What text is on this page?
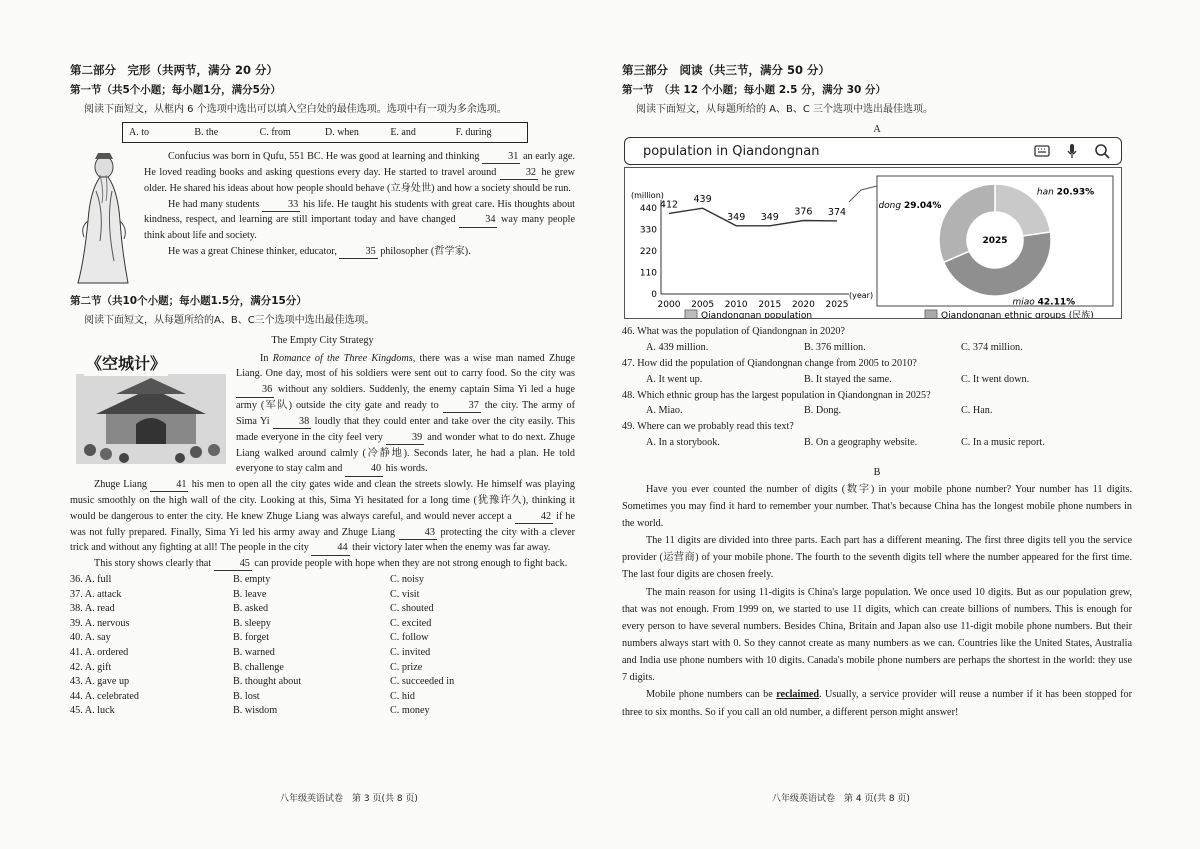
第二部分　完形（共两节，满分 20 分）
第一节（共5个小题；每小题1分，满分5分）
阅读下面短文，从框内 6 个选项中选出可以填入空白处的最佳选项。选项中有一项为多余选项。
A. to	B. the	C. from	D. when	E. and	F. during

Confucius was born in Qufu, 551 BC. He was good at learning and thinking	31 an early age. He loved reading books and asking questions every day. He started to travel around	32 he grew older. He shared his ideas about how people should behave (立身处世) and how a society should be run.

He had many students	33 his life. He taught his students with great care. His thoughts about kindness, respect, and learning are still important today and have changed	34 way many people think about life and society.

He was a great Chinese thinker, educator,	35 philosopher (哲学家).

第二节（共10个小题；每小题1.5分，满分15分）
阅读下面短文，从每题所给的A、B、C三个选项中选出最佳选项。
The Empty City Strategy
《空城计》	In Romance of the Three Kingdoms, there was a wise man named Zhuge Liang. One day, most of his soldiers were sent out to carry food. So the city was 36 without any soldiers. Suddenly, the enemy captain Sima Yi led a huge army (军队) outside the city gate and ready to	37 the city. The army of Sima Yi	38 loudly that they could enter and take over the city easily. This made everyone in the city feel very	39 and wonder what to do next. Zhuge Liang walked around calmly (冷静地). Seconds later, he had a plan. He told everyone to stay calm and	40 his words.

Zhuge Liang	41 his men to open all the city gates wide and clean the streets slowly. He himself was playing music smoothly on the high wall of the city. Looking at this, Sima Yi hesitated for a long time (犹豫许久), thinking it would be dangerous to enter the city. He knew Zhuge Liang was always careful, and would never accept a	42 if he was not fully prepared. Finally, Sima Yi led his army away and Zhuge Liang	43 protecting the city with a clever trick and without any fighting at all! The people in the city	44 their victory later when the enemy was far away.

This story shows clearly that	45 can provide people with hope when they are not strong enough to fight back.

36. A. full	B. empty	C. noisy
37. A. attack	B. leave	C. visit
38. A. read	B. asked	C. shouted
39. A. nervous	B. sleepy	C. excited
40. A. say	B. forget	C. follow
41. A. ordered	B. warned	C. invited
42. A. gift	B. challenge	C. prize
43. A. gave up	B. thought about	C. succeeded in
44. A. celebrated	B. lost	C. hid
45. A. luck	B. wisdom	C. money
八年级英语试卷　第 3 页(共 8 页)
第三部分　阅读（共三节，满分 50 分）
第一节　（共 12 个小题；每小题 2.5 分，满分 30 分）
阅读下面短文，从每题所给的 A、B、C 三个选项中选出最佳选项。

A

population in Qiandongnan
(million)
0
110
220
330
440
2000 2005 2010 2015 2020 2025
(year)
412 439
349 349 376 374
Qiandongnan population
han 20.93%
miao 42.11%
dong 29.04%
2025
Qiandongnan ethnic groups (民族)

46. What was the population of Qiandongnan in 2020?

A. 439 million.	B. 376 million.	C. 374 million.

47. How did the population of Qiandongnan change from 2005 to 2010?

A. It went up.	B. It stayed the same.	C. It went down.

48. Which ethnic group has the largest population in Qiandongnan in 2025?

A. Miao.	B. Dong.	C. Han.

49. Where can we probably read this text?

A. In a storybook.	B. On a geography website.	C. In a music report.

B

Have you ever counted the number of digits (数字) in your mobile phone number? Your number has 11 digits. Sometimes you may find it hard to remember your number. That's because China has the longest mobile phone numbers in the world.

The 11 digits are divided into three parts. Each part has a different meaning. The first three digits tell you the service provider (运营商) of your mobile phone. The fourth to the seventh digits tell where the number appeared for the first time. The last four digits are chosen freely.

The main reason for using 11-digits is China's large population. We once used 10 digits. But as our population grew, that was not enough. From 1999 on, we started to use 11 digits, which can create billions of numbers. This is enough for every person to have several numbers. Besides China, Britain and Japan also use 11-digit mobile phone numbers. But their numbers always start with 0. So they cannot create as many numbers as we can. Countries like the United States, Australia and India use phone numbers with 10 digits. Canada's mobile phone numbers are perhaps the shortest in the world: they use 7 digits.

Mobile phone numbers can be reclaimed. Usually, a service provider will reuse a number if it has been stopped for three to six months. So if you call an old number, a different person might answer!

八年级英语试卷　第 4 页(共 8 页)
